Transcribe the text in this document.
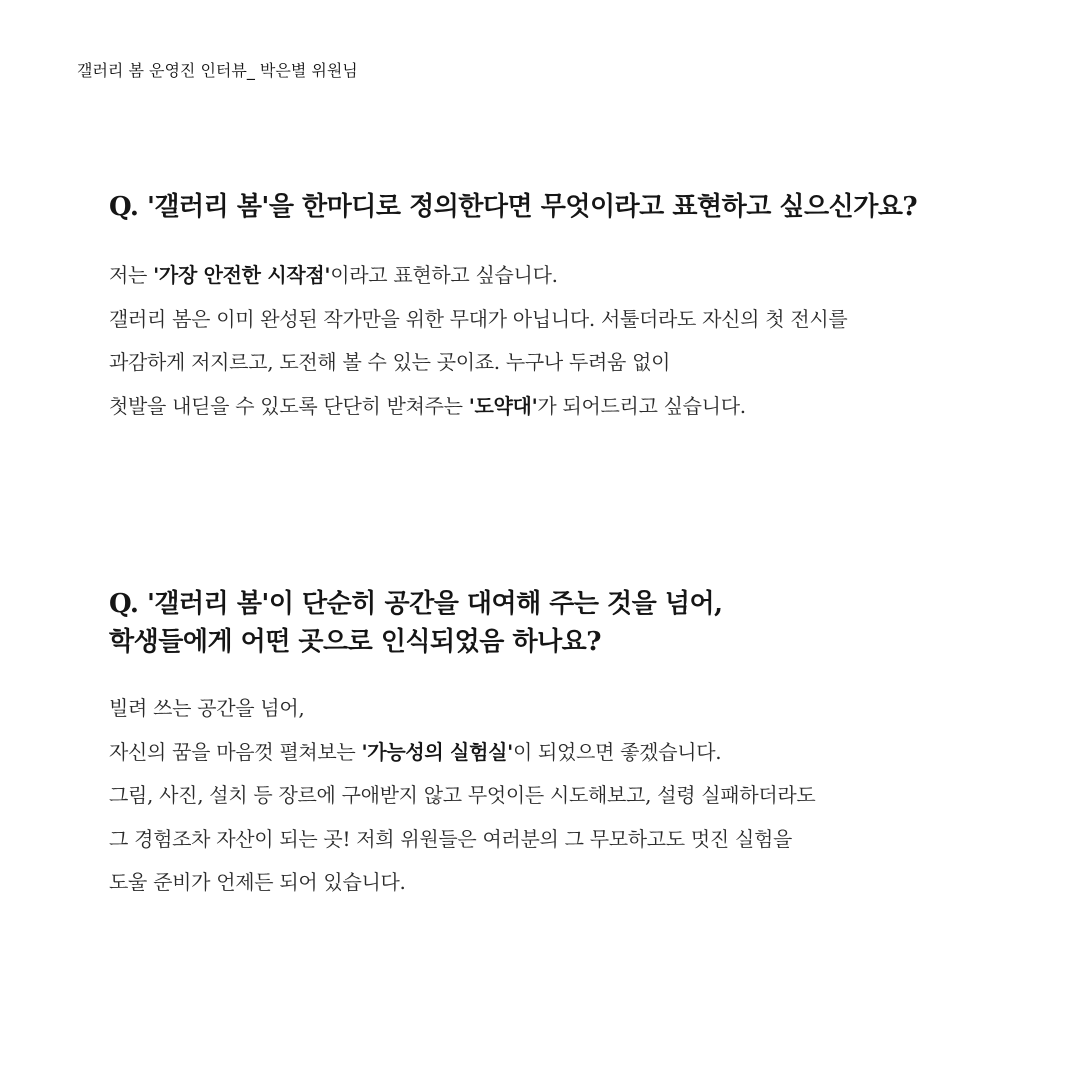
갤러리 봄 운영진 인터뷰_ 박은별 위원님
Q. '갤러리 봄'을 한마디로 정의한다면 무엇이라고 표현하고 싶으신가요?
저는 '가장 안전한 시작점'이라고 표현하고 싶습니다.
갤러리 봄은 이미 완성된 작가만을 위한 무대가 아닙니다. 서툴더라도 자신의 첫 전시를
과감하게 저지르고, 도전해 볼 수 있는 곳이죠. 누구나 두려움 없이
첫발을 내딛을 수 있도록 단단히 받쳐주는 '도약대'가 되어드리고 싶습니다.
Q. '갤러리 봄'이 단순히 공간을 대여해 주는 것을 넘어,
학생들에게 어떤 곳으로 인식되었음 하나요?
빌려 쓰는 공간을 넘어,
자신의 꿈을 마음껏 펼쳐보는 '가능성의 실험실'이 되었으면 좋겠습니다.
그림, 사진, 설치 등 장르에 구애받지 않고 무엇이든 시도해보고, 설령 실패하더라도
그 경험조차 자산이 되는 곳! 저희 위원들은 여러분의 그 무모하고도 멋진 실험을
도울 준비가 언제든 되어 있습니다.
